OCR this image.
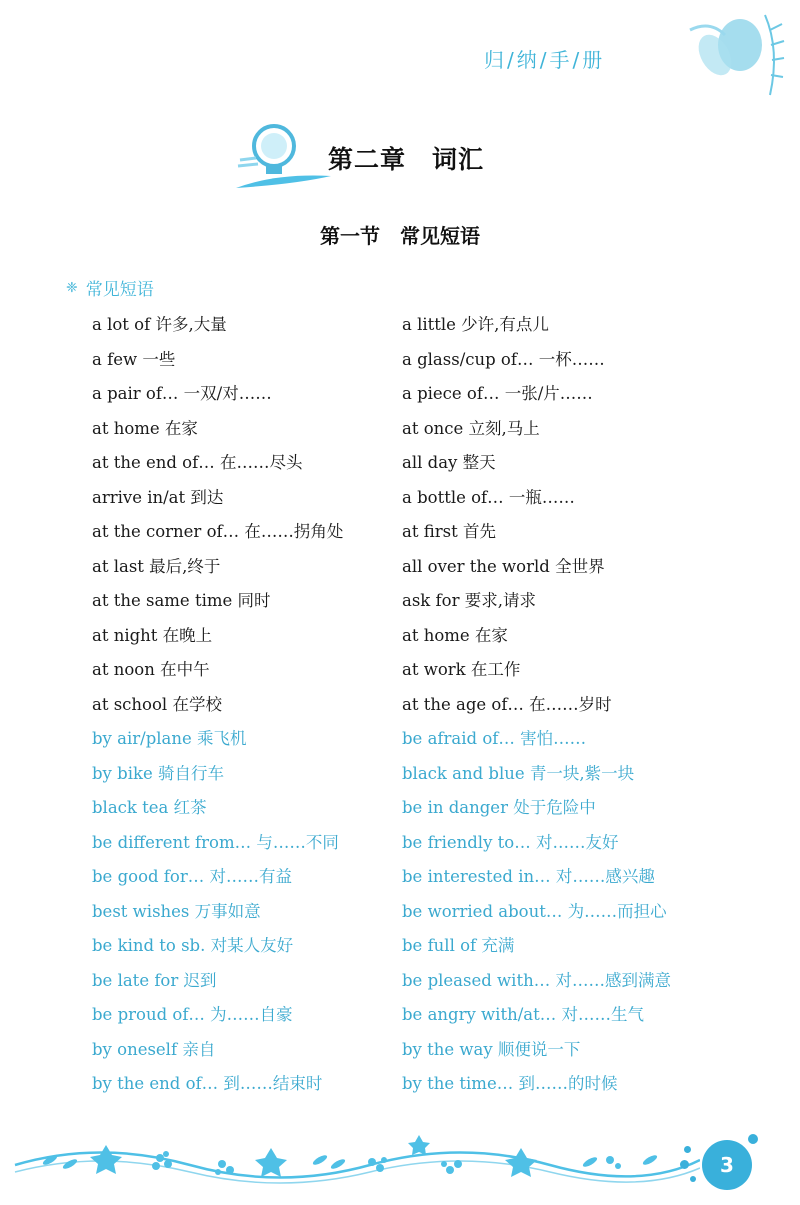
归/纳/手/册
第二章　词汇
第一节　常见短语
❈ 常见短语
a lot of 许多,大量	a little 少许,有点儿
a few 一些	a glass/cup of… 一杯……
a pair of… 一双/对……	a piece of… 一张/片……
at home 在家	at once 立刻,马上
at the end of… 在……尽头	all day 整天
arrive in/at 到达	a bottle of… 一瓶……
at the corner of… 在……拐角处	at first 首先
at last 最后,终于	all over the world 全世界
at the same time 同时	ask for 要求,请求
at night 在晚上	at home 在家
at noon 在中午	at work 在工作
at school 在学校	at the age of… 在……岁时
by air/plane 乘飞机	be afraid of… 害怕……
by bike 骑自行车	black and blue 青一块,紫一块
black tea 红茶	be in danger 处于危险中
be different from… 与……不同	be friendly to… 对……友好
be good for… 对……有益	be interested in… 对……感兴趣
best wishes 万事如意	be worried about… 为……而担心
be kind to sb. 对某人友好	be full of 充满
be late for 迟到	be pleased with… 对……感到满意
be proud of… 为……自豪	be angry with/at… 对……生气
by oneself 亲自	by the way 顺便说一下
by the end of… 到……结束时	by the time… 到……的时候
3
